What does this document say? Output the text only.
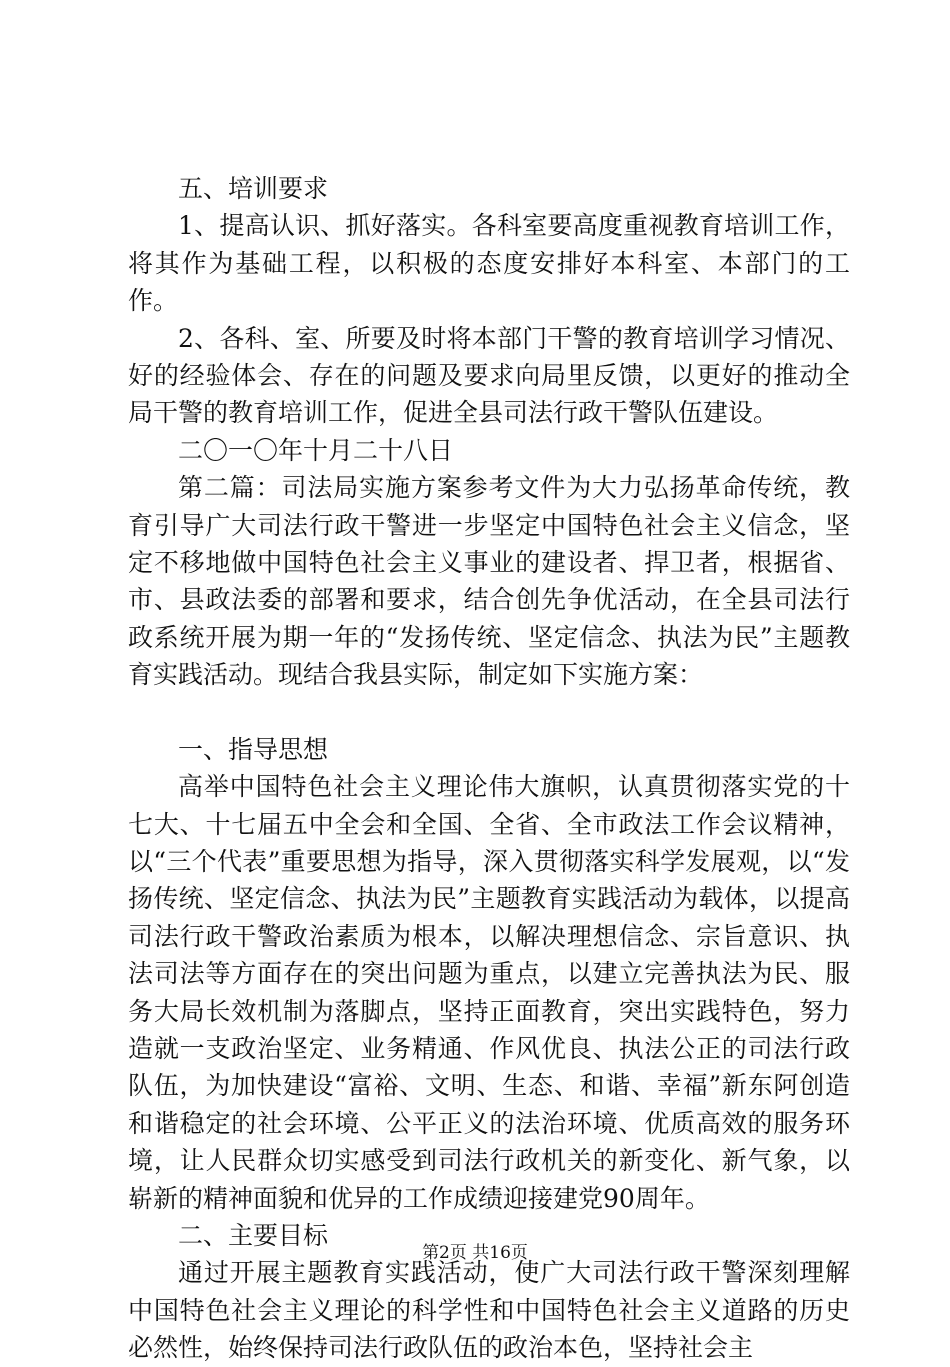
五、培训要求

1、提高认识、抓好落实。各科室要高度重视教育培训工作，将其作为基础工程，以积极的态度安排好本科室、本部门的工作。

2、各科、室、所要及时将本部门干警的教育培训学习情况、好的经验体会、存在的问题及要求向局里反馈，以更好的推动全局干警的教育培训工作，促进全县司法行政干警队伍建设。

二〇一〇年十月二十八日

第二篇：司法局实施方案参考文件为大力弘扬革命传统，教育引导广大司法行政干警进一步坚定中国特色社会主义信念，坚定不移地做中国特色社会主义事业的建设者、捍卫者，根据省、市、县政法委的部署和要求，结合创先争优活动，在全县司法行政系统开展为期一年的“发扬传统、坚定信念、执法为民”主题教育实践活动。现结合我县实际，制定如下实施方案：

一、指导思想

高举中国特色社会主义理论伟大旗帜，认真贯彻落实党的十七大、十七届五中全会和全国、全省、全市政法工作会议精神，以“三个代表”重要思想为指导，深入贯彻落实科学发展观，以“发扬传统、坚定信念、执法为民”主题教育实践活动为载体，以提高司法行政干警政治素质为根本，以解决理想信念、宗旨意识、执法司法等方面存在的突出问题为重点，以建立完善执法为民、服务大局长效机制为落脚点，坚持正面教育，突出实践特色，努力造就一支政治坚定、业务精通、作风优良、执法公正的司法行政队伍，为加快建设“富裕、文明、生态、和谐、幸福”新东阿创造和谐稳定的社会环境、公平正义的法治环境、优质高效的服务环境，让人民群众切实感受到司法行政机关的新变化、新气象，以崭新的精神面貌和优异的工作成绩迎接建党90周年。

二、主要目标

通过开展主题教育实践活动，使广大司法行政干警深刻理解中国特色社会主义理论的科学性和中国特色社会主义道路的历史必然性，始终保持司法行政队伍的政治本色，坚持社会主

第2页 共16页
